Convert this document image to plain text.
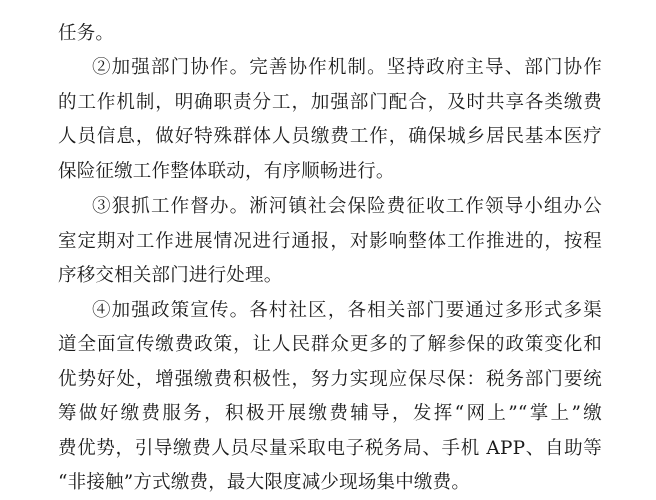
任务。
②加强部门协作。完善协作机制。坚持政府主导、部门协作
的工作机制，明确职责分工，加强部门配合，及时共享各类缴费
人员信息，做好特殊群体人员缴费工作，确保城乡居民基本医疗
保险征缴工作整体联动，有序顺畅进行。
③狠抓工作督办。淅河镇社会保险费征收工作领导小组办公
室定期对工作进展情况进行通报，对影响整体工作推进的，按程
序移交相关部门进行处理。
④加强政策宣传。各村社区，各相关部门要通过多形式多渠
道全面宣传缴费政策，让人民群众更多的了解参保的政策变化和
优势好处，增强缴费积极性，努力实现应保尽保：税务部门要统
筹做好缴费服务，积极开展缴费辅导，发挥“网上”“掌上”缴
费优势，引导缴费人员尽量采取电子税务局、手机 APP、自助等
“非接触”方式缴费，最大限度减少现场集中缴费。
